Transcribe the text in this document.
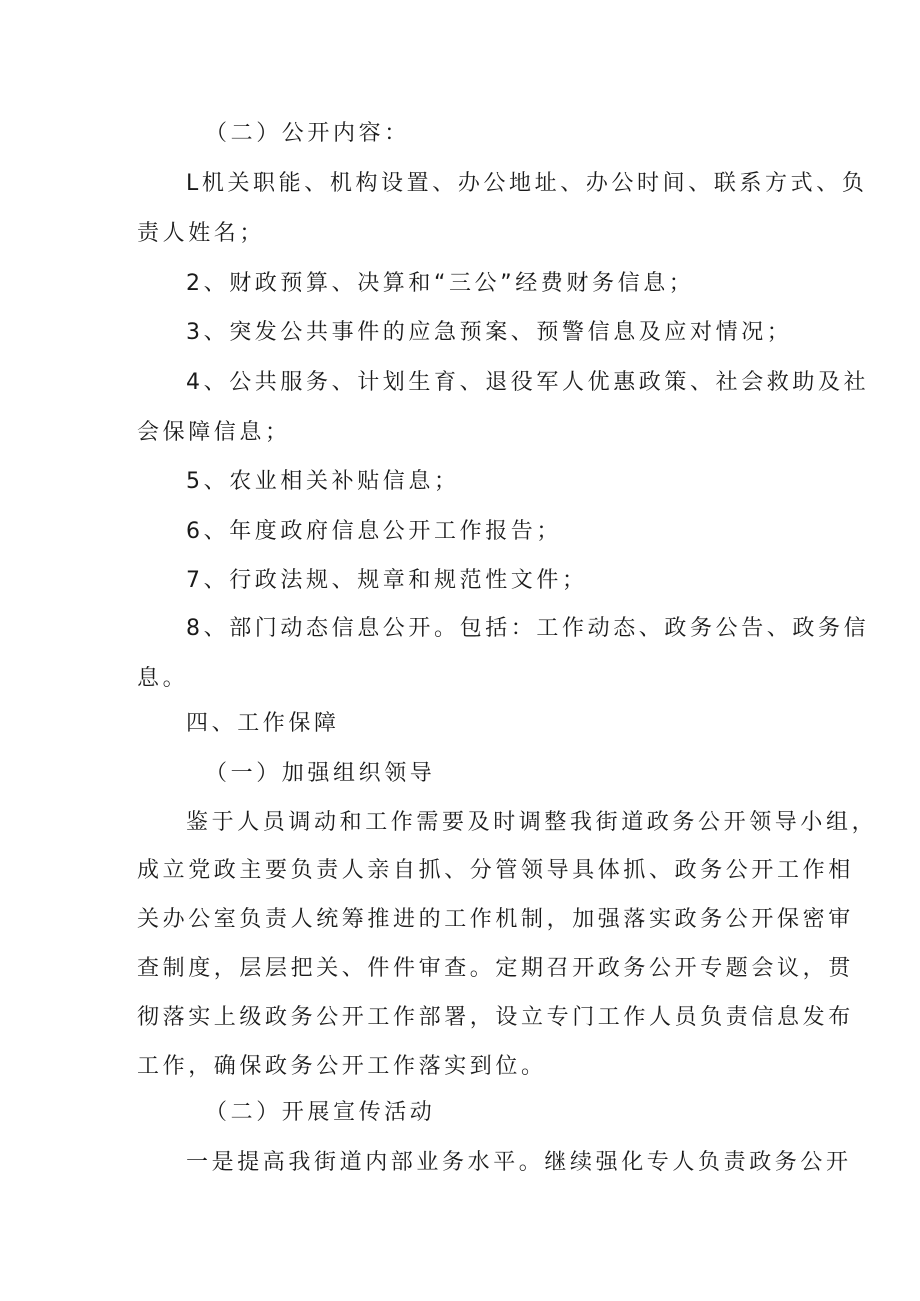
（二）公开内容：
L机关职能、机构设置、办公地址、办公时间、联系方式、负
责人姓名；
2、财政预算、决算和“三公”经费财务信息；
3、突发公共事件的应急预案、预警信息及应对情况；
4、公共服务、计划生育、退役军人优惠政策、社会救助及社
会保障信息；
5、农业相关补贴信息；
6、年度政府信息公开工作报告；
7、行政法规、规章和规范性文件；
8、部门动态信息公开。包括：工作动态、政务公告、政务信
息。
四、工作保障
（一）加强组织领导
鉴于人员调动和工作需要及时调整我街道政务公开领导小组，
成立党政主要负责人亲自抓、分管领导具体抓、政务公开工作相
关办公室负责人统筹推进的工作机制，加强落实政务公开保密审
查制度，层层把关、件件审查。定期召开政务公开专题会议，贯
彻落实上级政务公开工作部署，设立专门工作人员负责信息发布
工作，确保政务公开工作落实到位。
（二）开展宣传活动
一是提高我街道内部业务水平。继续强化专人负责政务公开
